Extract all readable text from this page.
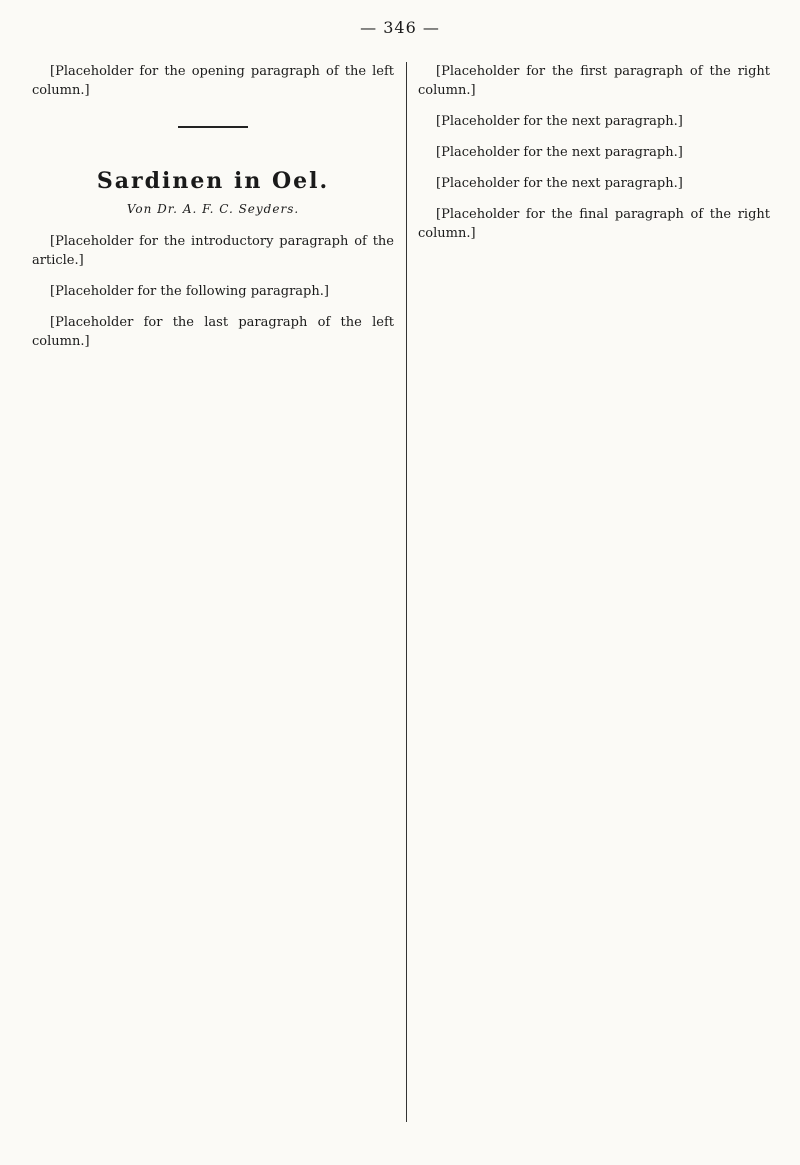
— 346 —

[Placeholder for the opening paragraph of the left column.]

Sardinen in Oel.
Von Dr. A. F. C. Seyders.

[Placeholder for the introductory paragraph of the article.]

[Placeholder for the following paragraph.]

[Placeholder for the last paragraph of the left column.]

[Placeholder for the first paragraph of the right column.]

[Placeholder for the next paragraph.]

[Placeholder for the next paragraph.]

[Placeholder for the next paragraph.]

[Placeholder for the final paragraph of the right column.]
